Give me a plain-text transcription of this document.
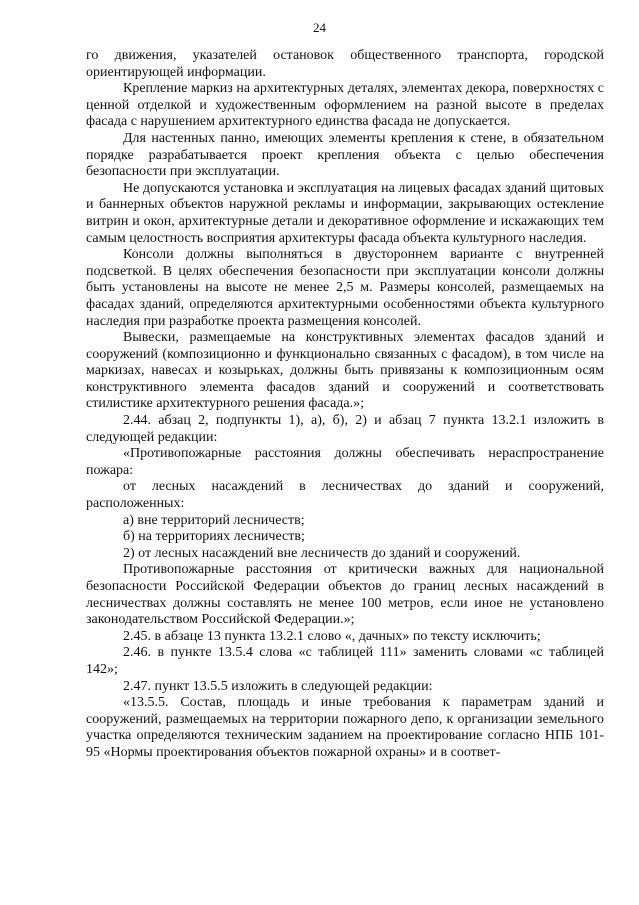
24

го движения, указателей остановок общественного транспорта, городской ориентирующей информации.

Крепление маркиз на архитектурных деталях, элементах декора, поверхностях с ценной отделкой и художественным оформлением на разной высоте в пределах фасада с нарушением архитектурного единства фасада не допускается.

Для настенных панно, имеющих элементы крепления к стене, в обязательном порядке разрабатывается проект крепления объекта с целью обеспечения безопасности при эксплуатации.

Не допускаются установка и эксплуатация на лицевых фасадах зданий щитовых и баннерных объектов наружной рекламы и информации, закрывающих остекление витрин и окон, архитектурные детали и декоративное оформление и искажающих тем самым целостность восприятия архитектуры фасада объекта культурного наследия.

Консоли должны выполняться в двустороннем варианте с внутренней подсветкой. В целях обеспечения безопасности при эксплуатации консоли должны быть установлены на высоте не менее 2,5 м. Размеры консолей, размещаемых на фасадах зданий, определяются архитектурными особенностями объекта культурного наследия при разработке проекта размещения консолей.

Вывески, размещаемые на конструктивных элементах фасадов зданий и сооружений (композиционно и функционально связанных с фасадом), в том числе на маркизах, навесах и козырьках, должны быть привязаны к композиционным осям конструктивного элемента фасадов зданий и сооружений и соответствовать стилистике архитектурного решения фасада.»;

2.44. абзац 2, подпункты 1), а), б), 2) и абзац 7 пункта 13.2.1 изложить в следующей редакции:

«Противопожарные расстояния должны обеспечивать нераспространение пожара:

от лесных насаждений в лесничествах до зданий и сооружений, расположенных:

а) вне территорий лесничеств;

б) на территориях лесничеств;

2) от лесных насаждений вне лесничеств до зданий и сооружений.

Противопожарные расстояния от критически важных для национальной безопасности Российской Федерации объектов до границ лесных насаждений в лесничествах должны составлять не менее 100 метров, если иное не установлено законодательством Российской Федерации.»;

2.45. в абзаце 13 пункта 13.2.1 слово «, дачных» по тексту исключить;

2.46. в пункте 13.5.4 слова «с таблицей 111» заменить словами «с таблицей 142»;

2.47. пункт 13.5.5 изложить в следующей редакции:

«13.5.5. Состав, площадь и иные требования к параметрам зданий и сооружений, размещаемых на территории пожарного депо, к организации земельного участка определяются техническим заданием на проектирование согласно НПБ 101-95 «Нормы проектирования объектов пожарной охраны» и в соответ-
